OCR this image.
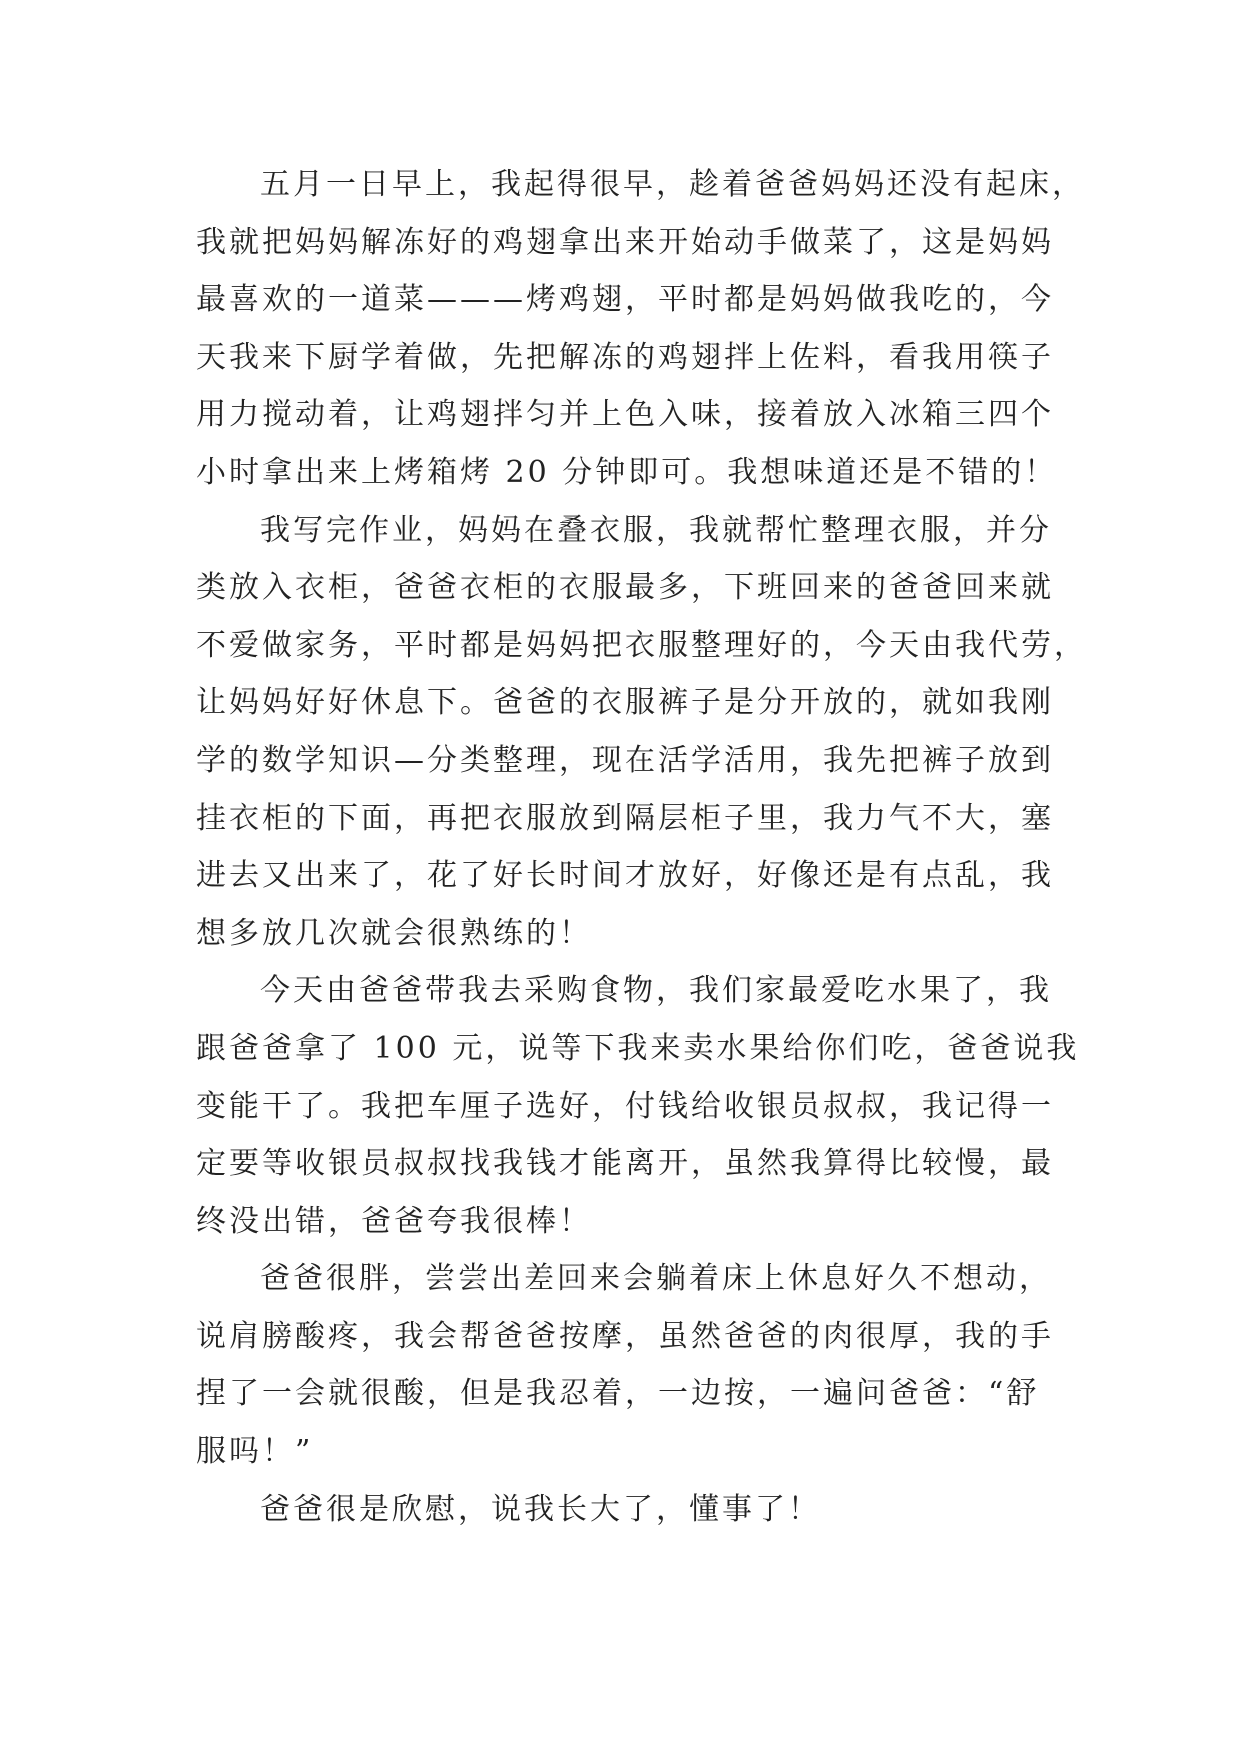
五月一日早上，我起得很早，趁着爸爸妈妈还没有起床，
我就把妈妈解冻好的鸡翅拿出来开始动手做菜了，这是妈妈
最喜欢的一道菜———烤鸡翅，平时都是妈妈做我吃的，今
天我来下厨学着做，先把解冻的鸡翅拌上佐料，看我用筷子
用力搅动着，让鸡翅拌匀并上色入味，接着放入冰箱三四个
小时拿出来上烤箱烤 20 分钟即可。我想味道还是不错的！
我写完作业，妈妈在叠衣服，我就帮忙整理衣服，并分
类放入衣柜，爸爸衣柜的衣服最多，下班回来的爸爸回来就
不爱做家务，平时都是妈妈把衣服整理好的，今天由我代劳，
让妈妈好好休息下。爸爸的衣服裤子是分开放的，就如我刚
学的数学知识—分类整理，现在活学活用，我先把裤子放到
挂衣柜的下面，再把衣服放到隔层柜子里，我力气不大，塞
进去又出来了，花了好长时间才放好，好像还是有点乱，我
想多放几次就会很熟练的！
今天由爸爸带我去采购食物，我们家最爱吃水果了，我
跟爸爸拿了 100 元，说等下我来卖水果给你们吃，爸爸说我
变能干了。我把车厘子选好，付钱给收银员叔叔，我记得一
定要等收银员叔叔找我钱才能离开，虽然我算得比较慢，最
终没出错，爸爸夸我很棒！
爸爸很胖，尝尝出差回来会躺着床上休息好久不想动，
说肩膀酸疼，我会帮爸爸按摩，虽然爸爸的肉很厚，我的手
捏了一会就很酸，但是我忍着，一边按，一遍问爸爸：“舒
服吗！”
爸爸很是欣慰，说我长大了，懂事了！
